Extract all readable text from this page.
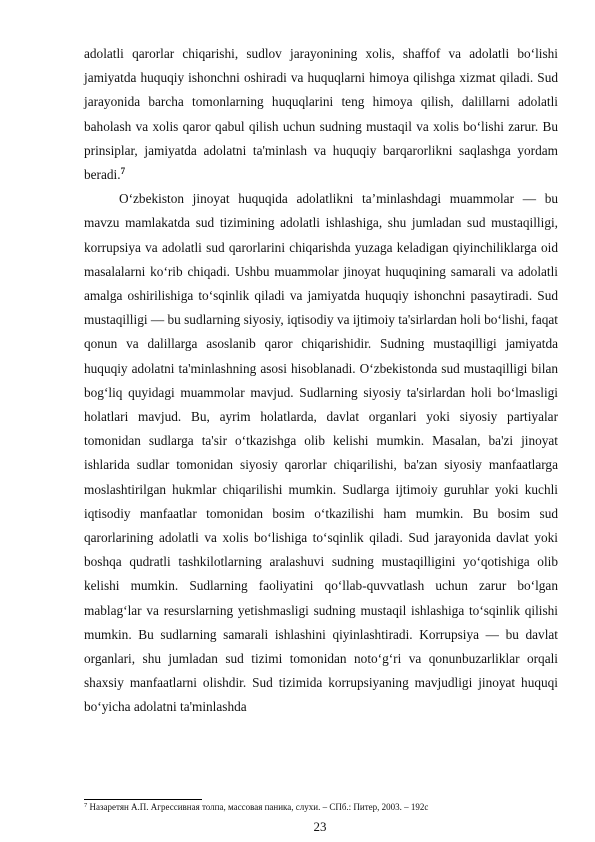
adolatli qarorlar chiqarishi, sudlov jarayonining xolis, shaffof va adolatli bo‘lishi jamiyatda huquqiy ishonchni oshiradi va huquqlarni himoya qilishga xizmat qiladi. Sud jarayonida barcha tomonlarning huquqlarini teng himoya qilish, dalillarni adolatli baholash va xolis qaror qabul qilish uchun sudning mustaqil va xolis bo‘lishi zarur. Bu prinsiplar, jamiyatda adolatni ta'minlash va huquqiy barqarorlikni saqlashga yordam beradi.$^7$

O‘zbekiston jinoyat huquqida adolatlikni ta’minlashdagi muammolar — bu mavzu mamlakatda sud tizimining adolatli ishlashiga, shu jumladan sud mustaqilligi, korrupsiya va adolatli sud qarorlarini chiqarishda yuzaga keladigan qiyinchiliklarga oid masalalarni ko‘rib chiqadi. Ushbu muammolar jinoyat huquqining samarali va adolatli amalga oshirilishiga to‘sqinlik qiladi va jamiyatda huquqiy ishonchni pasaytiradi. Sud mustaqilligi — bu sudlarning siyosiy, iqtisodiy va ijtimoiy ta'sirlardan holi bo‘lishi, faqat qonun va dalillarga asoslanib qaror chiqarishidir. Sudning mustaqilligi jamiyatda huquqiy adolatni ta'minlashning asosi hisoblanadi. O‘zbekistonda sud mustaqilligi bilan bog‘liq quyidagi muammolar mavjud. Sudlarning siyosiy ta'sirlardan holi bo‘lmasligi holatlari mavjud. Bu, ayrim holatlarda, davlat organlari yoki siyosiy partiyalar tomonidan sudlarga ta'sir o‘tkazishga olib kelishi mumkin. Masalan, ba'zi jinoyat ishlarida sudlar tomonidan siyosiy qarorlar chiqarilishi, ba'zan siyosiy manfaatlarga moslashtirilgan hukmlar chiqarilishi mumkin. Sudlarga ijtimoiy guruhlar yoki kuchli iqtisodiy manfaatlar tomonidan bosim o‘tkazilishi ham mumkin. Bu bosim sud qarorlarining adolatli va xolis bo‘lishiga to‘sqinlik qiladi. Sud jarayonida davlat yoki boshqa qudratli tashkilotlarning aralashuvi sudning mustaqilligini yo‘qotishiga olib kelishi mumkin. Sudlarning faoliyatini qo‘llab-quvvatlash uchun zarur bo‘lgan mablag‘lar va resurslarning yetishmasligi sudning mustaqil ishlashiga to‘sqinlik qilishi mumkin. Bu sudlarning samarali ishlashini qiyinlashtiradi. Korrupsiya — bu davlat organlari, shu jumladan sud tizimi tomonidan noto‘g‘ri va qonunbuzarliklar orqali shaxsiy manfaatlarni olishdir. Sud tizimida korrupsiyaning mavjudligi jinoyat huquqi bo‘yicha adolatni ta'minlashda

$^7$ Назаретян А.П. Агрессивная толпа, массовая паника, слухи. – СПб.: Питер, 2003. – 192с
23
